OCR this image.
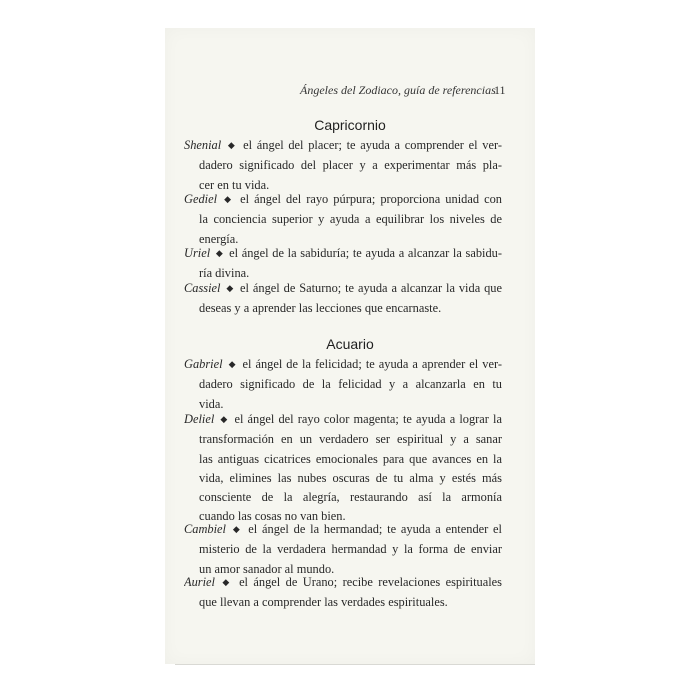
Ángeles del Zodiaco, guía de referencias
11
Capricornio
Shenial ◆ el ángel del placer; te ayuda a comprender el ver-
dadero significado del placer y a experimentar más pla-
cer en tu vida.
Gediel ◆ el ángel del rayo púrpura; proporciona unidad con
la conciencia superior y ayuda a equilibrar los niveles de
energía.
Uriel ◆ el ángel de la sabiduría; te ayuda a alcanzar la sabidu-
ría divina.
Cassiel ◆ el ángel de Saturno; te ayuda a alcanzar la vida que
deseas y a aprender las lecciones que encarnaste.
Acuario
Gabriel ◆ el ángel de la felicidad; te ayuda a aprender el ver-
dadero significado de la felicidad y a alcanzarla en tu
vida.
Deliel ◆ el ángel del rayo color magenta; te ayuda a lograr la
transformación en un verdadero ser espiritual y a sanar
las antiguas cicatrices emocionales para que avances en la
vida, elimines las nubes oscuras de tu alma y estés más
consciente de la alegría, restaurando así la armonía
cuando las cosas no van bien.
Cambiel ◆ el ángel de la hermandad; te ayuda a entender el
misterio de la verdadera hermandad y la forma de enviar
un amor sanador al mundo.
Auriel ◆ el ángel de Urano; recibe revelaciones espirituales
que llevan a comprender las verdades espirituales.
